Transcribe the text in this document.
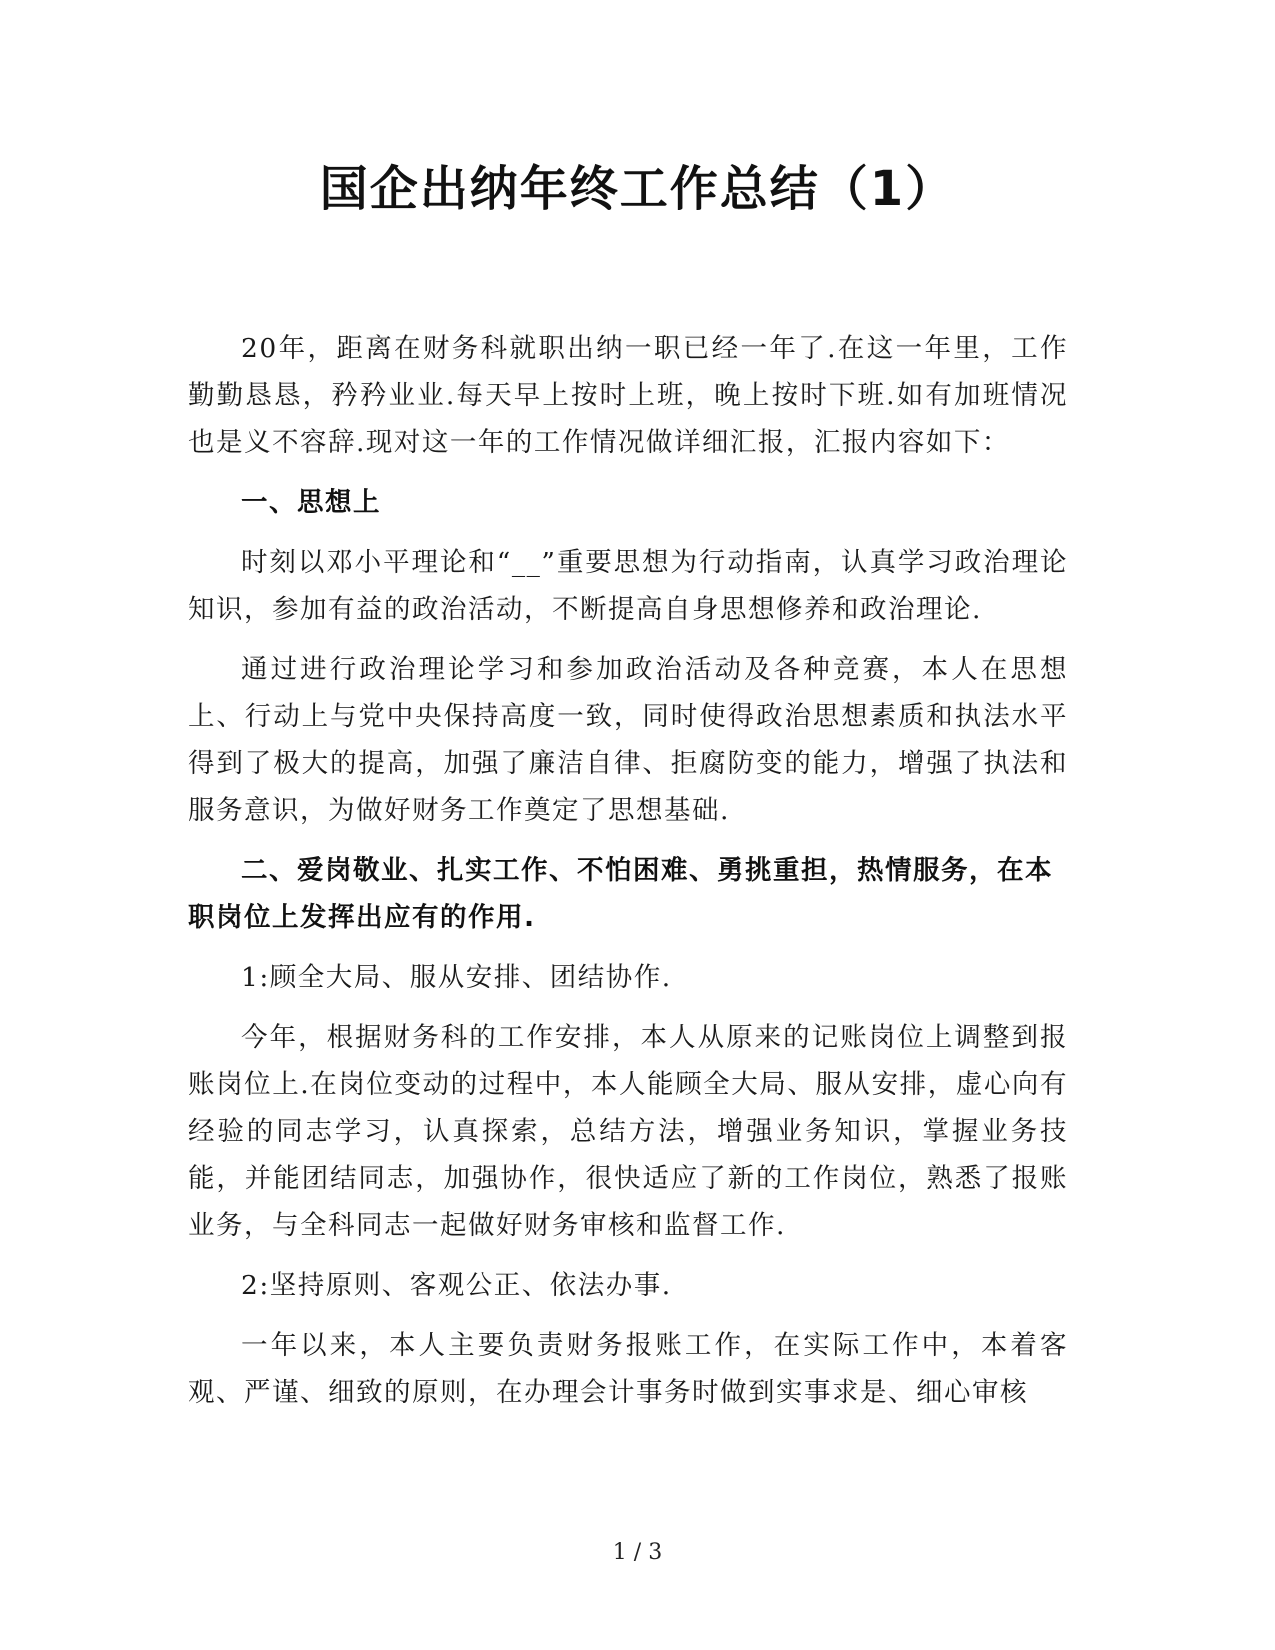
国企出纳年终工作总结（1）

20年，距离在财务科就职出纳一职已经一年了.在这一年里，工作勤勤恳恳，矜矜业业.每天早上按时上班，晚上按时下班.如有加班情况也是义不容辞.现对这一年的工作情况做详细汇报，汇报内容如下：

一、思想上

时刻以邓小平理论和“__”重要思想为行动指南，认真学习政治理论知识，参加有益的政治活动，不断提高自身思想修养和政治理论.

通过进行政治理论学习和参加政治活动及各种竞赛，本人在思想上、行动上与党中央保持高度一致，同时使得政治思想素质和执法水平得到了极大的提高，加强了廉洁自律、拒腐防变的能力，增强了执法和服务意识，为做好财务工作奠定了思想基础.

二、爱岗敬业、扎实工作、不怕困难、勇挑重担，热情服务，在本职岗位上发挥出应有的作用.

1:顾全大局、服从安排、团结协作.

今年，根据财务科的工作安排，本人从原来的记账岗位上调整到报账岗位上.在岗位变动的过程中，本人能顾全大局、服从安排，虚心向有经验的同志学习，认真探索，总结方法，增强业务知识，掌握业务技能，并能团结同志，加强协作，很快适应了新的工作岗位，熟悉了报账业务，与全科同志一起做好财务审核和监督工作.

2:坚持原则、客观公正、依法办事.

一年以来，本人主要负责财务报账工作，在实际工作中，本着客观、严谨、细致的原则，在办理会计事务时做到实事求是、细心审核

1 / 3
